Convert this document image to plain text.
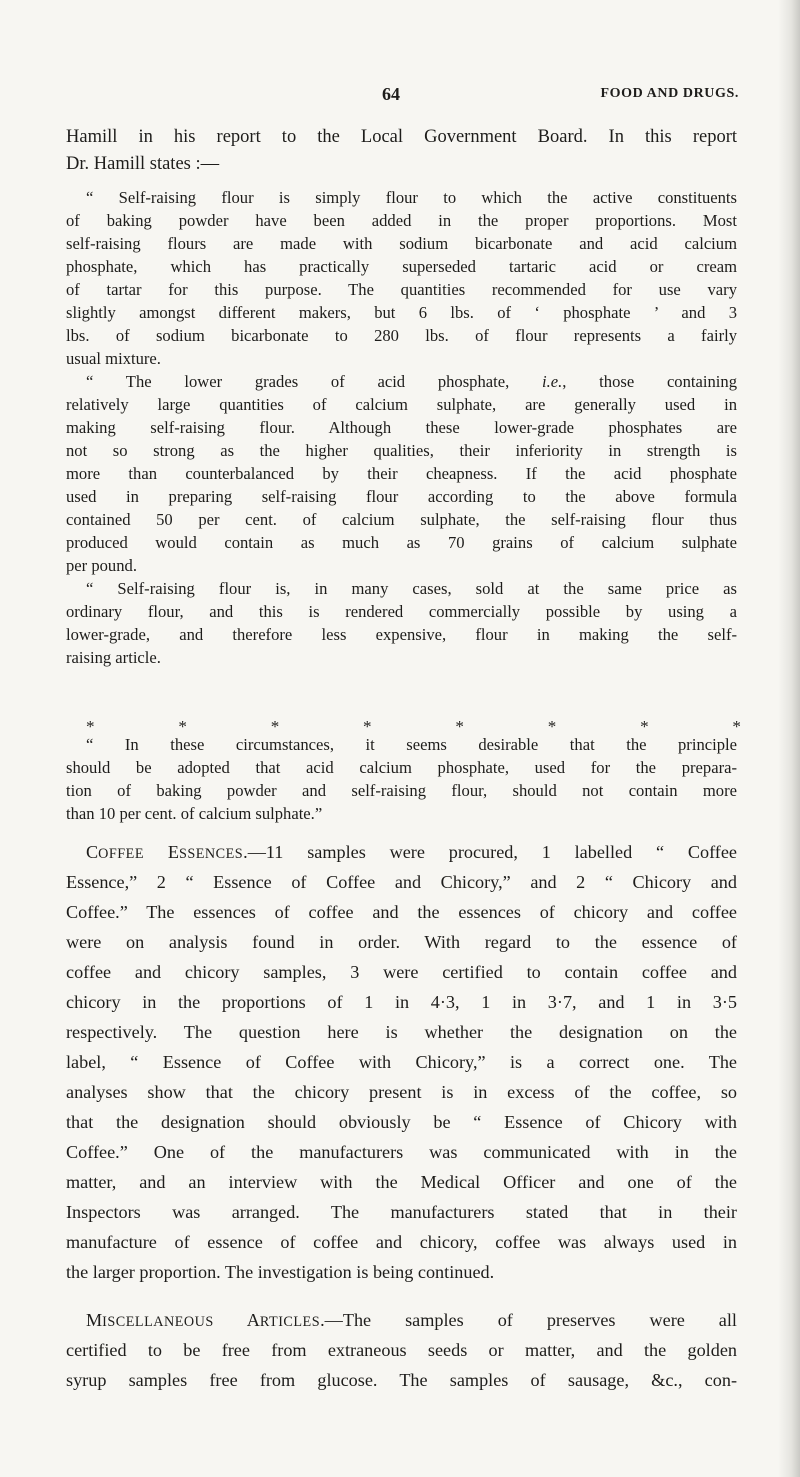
64	FOOD AND DRUGS.
Hamill in his report to the Local Government Board. In this report
Dr. Hamill states :—
“ Self-raising flour is simply flour to which the active constituents
of baking powder have been added in the proper proportions. Most
self-raising flours are made with sodium bicarbonate and acid calcium
phosphate, which has practically superseded tartaric acid or cream
of tartar for this purpose. The quantities recommended for use vary
slightly amongst different makers, but 6 lbs. of ‘ phosphate ’ and 3
lbs. of sodium bicarbonate to 280 lbs. of flour represents a fairly
usual mixture.
“ The lower grades of acid phosphate, i.e., those containing
relatively large quantities of calcium sulphate, are generally used in
making self-raising flour. Although these lower-grade phosphates are
not so strong as the higher qualities, their inferiority in strength is
more than counterbalanced by their cheapness. If the acid phosphate
used in preparing self-raising flour according to the above formula
contained 50 per cent. of calcium sulphate, the self-raising flour thus
produced would contain as much as 70 grains of calcium sulphate
per pound.
“ Self-raising flour is, in many cases, sold at the same price as
ordinary flour, and this is rendered commercially possible by using a
lower-grade, and therefore less expensive, flour in making the self-
raising article.
“ In these circumstances, it seems desirable that the principle
should be adopted that acid calcium phosphate, used for the prepara-
tion of baking powder and self-raising flour, should not contain more
than 10 per cent. of calcium sulphate.”
COFFEE ESSENCES.—11 samples were procured, 1 labelled “ Coffee
Essence,” 2 “ Essence of Coffee and Chicory,” and 2 “ Chicory and
Coffee.” The essences of coffee and the essences of chicory and coffee
were on analysis found in order. With regard to the essence of
coffee and chicory samples, 3 were certified to contain coffee and
chicory in the proportions of 1 in 4·3, 1 in 3·7, and 1 in 3·5
respectively. The question here is whether the designation on the
label, “ Essence of Coffee with Chicory,” is a correct one. The
analyses show that the chicory present is in excess of the coffee, so
that the designation should obviously be “ Essence of Chicory with
Coffee.” One of the manufacturers was communicated with in the
matter, and an interview with the Medical Officer and one of the
Inspectors was arranged. The manufacturers stated that in their
manufacture of essence of coffee and chicory, coffee was always used in
the larger proportion. The investigation is being continued.
MISCELLANEOUS ARTICLES.—The samples of preserves were all
certified to be free from extraneous seeds or matter, and the golden
syrup samples free from glucose. The samples of sausage, &c., con-
*	*	*	*	*	*	*	*
